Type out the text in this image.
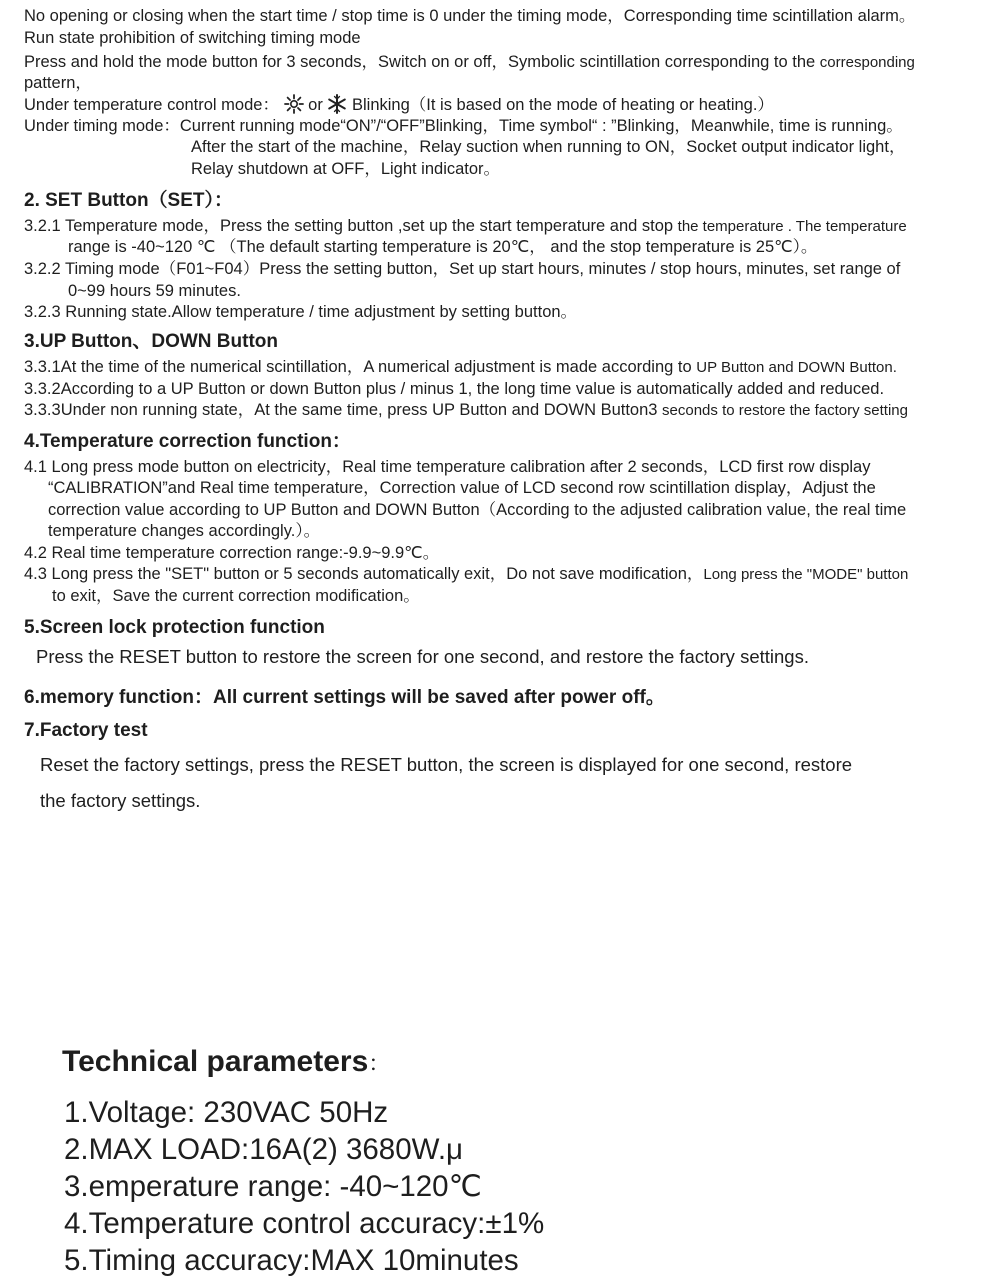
No opening or closing when the start time / stop time is 0 under the timing mode，Corresponding time scintillation alarm。
Run state prohibition of switching timing mode
Press and hold the mode button for 3 seconds，Switch on or off，Symbolic scintillation corresponding to the corresponding
pattern，
Under temperature control mode： or Blinking（It is based on the mode of heating or heating.）
Under timing mode：Current running mode“ON”/“OFF”Blinking，Time symbol“ : ”Blinking，Meanwhile, time is running。
After the start of the machine，Relay suction when running to ON，Socket output indicator light，
Relay shutdown at OFF，Light indicator。
2. SET Button（SET）：
3.2.1 Temperature mode，Press the setting button ,set up the start temperature and stop the temperature . The temperature
range is -40~120 ℃ （The default starting temperature is 20℃， and the stop temperature is 25℃）。
3.2.2 Timing mode（F01~F04）Press the setting button，Set up start hours, minutes / stop hours, minutes, set range of
0~99 hours 59 minutes.
3.2.3 Running state.Allow temperature / time adjustment by setting button。
3.UP Button、DOWN Button
3.3.1At the time of the numerical scintillation，A numerical adjustment is made according to UP Button and DOWN Button.
3.3.2According to a UP Button or down Button plus / minus 1, the long time value is automatically added and reduced.
3.3.3Under non running state，At the same time, press UP Button and DOWN Button3 seconds to restore the factory setting
4.Temperature correction function：
4.1 Long press mode button on electricity，Real time temperature calibration after 2 seconds，LCD first row display
“CALIBRATION”and Real time temperature，Correction value of LCD second row scintillation display，Adjust the
correction value according to UP Button and DOWN Button（According to the adjusted calibration value, the real time
temperature changes accordingly.）。
4.2 Real time temperature correction range:-9.9~9.9℃。
4.3 Long press the "SET" button or 5 seconds automatically exit，Do not save modification，Long press the "MODE" button
to exit，Save the current correction modification。
5.Screen lock protection function
Press the RESET button to restore the screen for one second, and restore the factory settings.
6.memory function：All current settings will be saved after power off。
7.Factory test
Reset the factory settings, press the RESET button, the screen is displayed for one second, restore
the factory settings.
Technical parameters：
1.Voltage: 230VAC 50Hz
2.MAX LOAD:16A(2) 3680W.μ
3.emperature range: -40~120℃
4.Temperature control accuracy:±1%
5.Timing accuracy:MAX 10minutes
